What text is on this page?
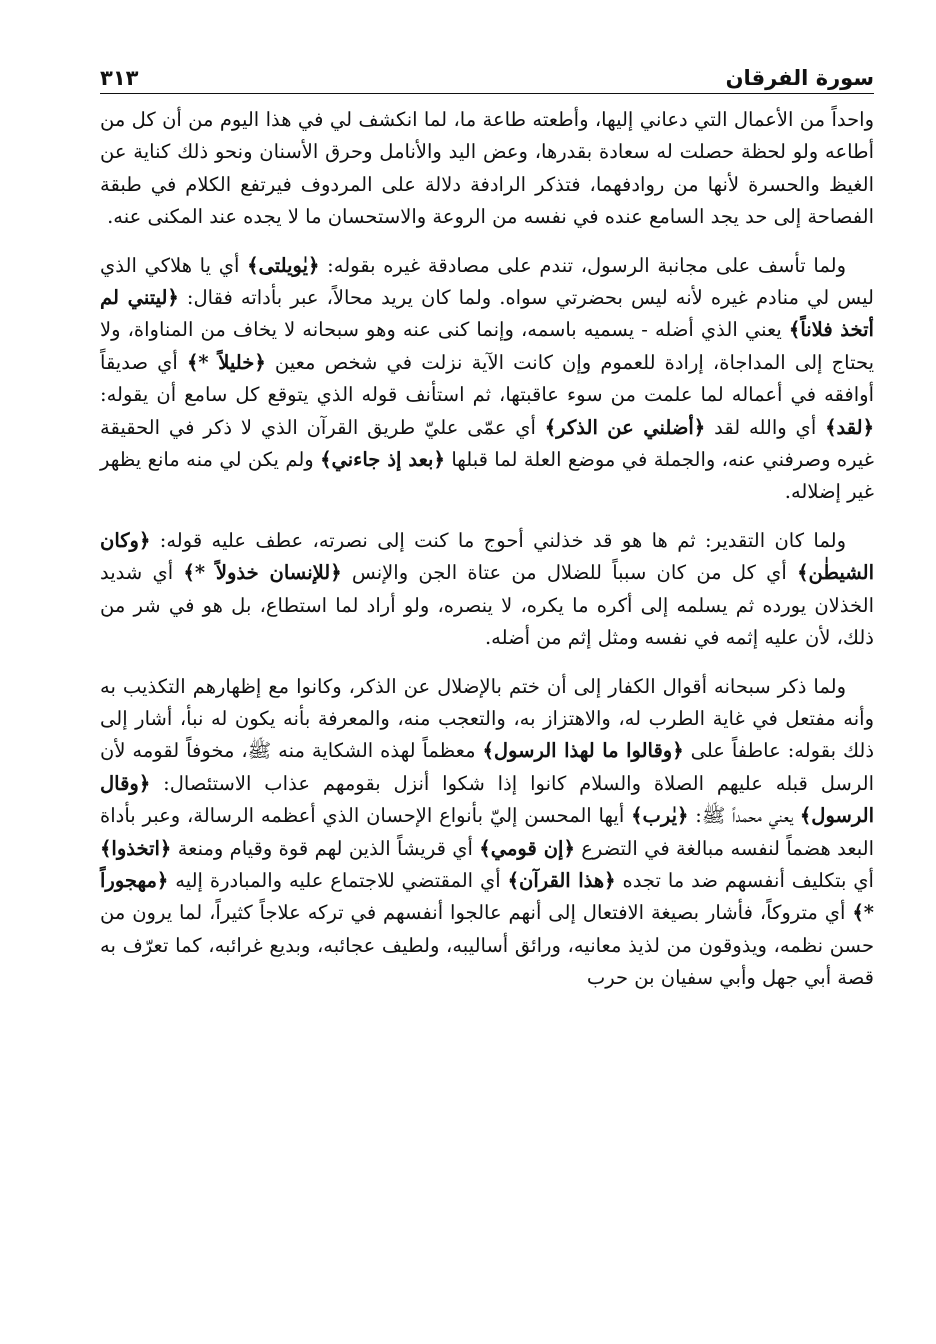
سورة الفرقان
٣١٣

واحداً من الأعمال التي دعاني إليها، وأطعته طاعة ما، لما انكشف لي في هذا اليوم من أن كل من أطاعه ولو لحظة حصلت له سعادة بقدرها، وعض اليد والأنامل وحرق الأسنان ونحو ذلك كناية عن الغيظ والحسرة لأنها من روادفهما، فتذكر الرادفة دلالة على المردوف فيرتفع الكلام في طبقة الفصاحة إلى حد يجد السامع عنده في نفسه من الروعة والاستحسان ما لا يجده عند المكنى عنه.

ولما تأسف على مجانبة الرسول، تندم على مصادقة غيره بقوله: ﴿يٰويلتى﴾ أي يا هلاكي الذي ليس لي منادم غيره لأنه ليس بحضرتي سواه. ولما كان يريد محالاً، عبر بأداته فقال: ﴿ليتني لم أتخذ فلاناً﴾ يعني الذي أضله - يسميه باسمه، وإنما كنى عنه وهو سبحانه لا يخاف من المناواة، ولا يحتاج إلى المداجاة، إرادة للعموم وإن كانت الآية نزلت في شخص معين ﴿خليلاً *﴾ أي صديقاً أوافقه في أعماله لما علمت من سوء عاقبتها، ثم استأنف قوله الذي يتوقع كل سامع أن يقوله: ﴿لقد﴾ أي والله لقد ﴿أضلني عن الذكر﴾ أي عمّى عليّ طريق القرآن الذي لا ذكر في الحقيقة غيره وصرفني عنه، والجملة في موضع العلة لما قبلها ﴿بعد إذ جاءني﴾ ولم يكن لي منه مانع يظهر غير إضلاله.

ولما كان التقدير: ثم ها هو قد خذلني أحوج ما كنت إلى نصرته، عطف عليه قوله: ﴿وكان الشيطٰن﴾ أي كل من كان سبباً للضلال من عتاة الجن والإنس ﴿للإنسان خذولاً *﴾ أي شديد الخذلان يورده ثم يسلمه إلى أكره ما يكره، لا ينصره، ولو أراد لما استطاع، بل هو في شر من ذلك، لأن عليه إثمه في نفسه ومثل إثم من أضله.

ولما ذكر سبحانه أقوال الكفار إلى أن ختم بالإضلال عن الذكر، وكانوا مع إظهارهم التكذيب به وأنه مفتعل في غاية الطرب له، والاهتزاز به، والتعجب منه، والمعرفة بأنه يكون له نبأ، أشار إلى ذلك بقوله: عاطفاً على ﴿وقالوا ما لهذا الرسول﴾ معظماً لهذه الشكاية منه ﷺ، مخوفاً لقومه لأن الرسل قبله عليهم الصلاة والسلام كانوا إذا شكوا أنزل بقومهم عذاب الاستئصال: ﴿وقال الرسول﴾ يعني محمداً ﷺ: ﴿يٰرب﴾ أيها المحسن إليّ بأنواع الإحسان الذي أعظمه الرسالة، وعبر بأداة البعد هضماً لنفسه مبالغة في التضرع ﴿إن قومي﴾ أي قريشاً الذين لهم قوة وقيام ومنعة ﴿اتخذوا﴾ أي بتكليف أنفسهم ضد ما تجده ﴿هذا القرآن﴾ أي المقتضي للاجتماع عليه والمبادرة إليه ﴿مهجوراً *﴾ أي متروكاً، فأشار بصيغة الافتعال إلى أنهم عالجوا أنفسهم في تركه علاجاً كثيراً، لما يرون من حسن نظمه، ويذوقون من لذيذ معانيه، ورائق أساليبه، ولطيف عجائبه، وبديع غرائبه، كما تعرّف به قصة أبي جهل وأبي سفيان بن حرب
